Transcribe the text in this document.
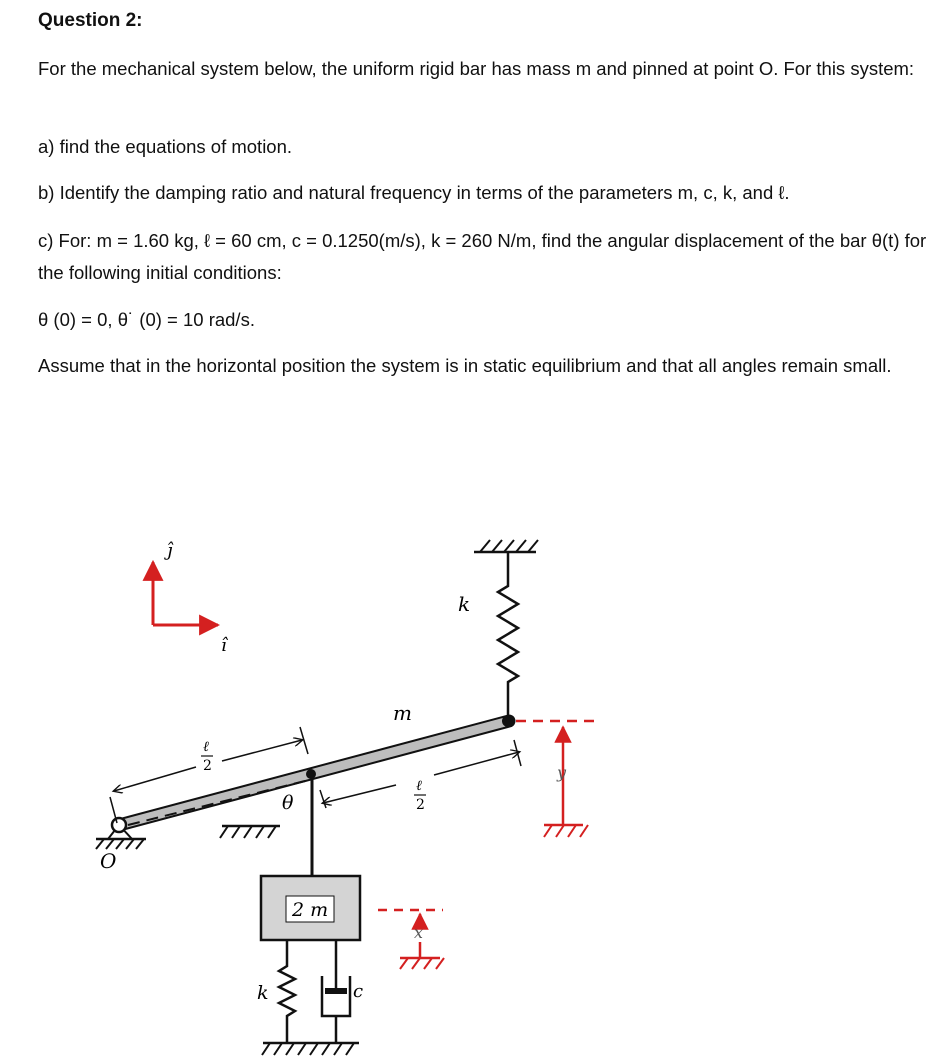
Question 2:

For the mechanical system below, the uniform rigid bar has mass m and pinned at point O. For this system:

a) find the equations of motion.

b) Identify the damping ratio and natural frequency in terms of the parameters m, c, k, and ℓ.

c) For: m = 1.60 kg, ℓ = 60 cm, c = 0.1250(m/s), k = 260 N/m, find the angular displacement of the bar θ(t) for the following initial conditions:

θ (0) = 0, θ˙ (0) = 10 rad/s.

Assume that in the horizontal position the system is in static equilibrium and that all angles remain small.

ĵ
î
k
m
O
θ
ℓ
2
ℓ
2
2 m
k	c
y
x
